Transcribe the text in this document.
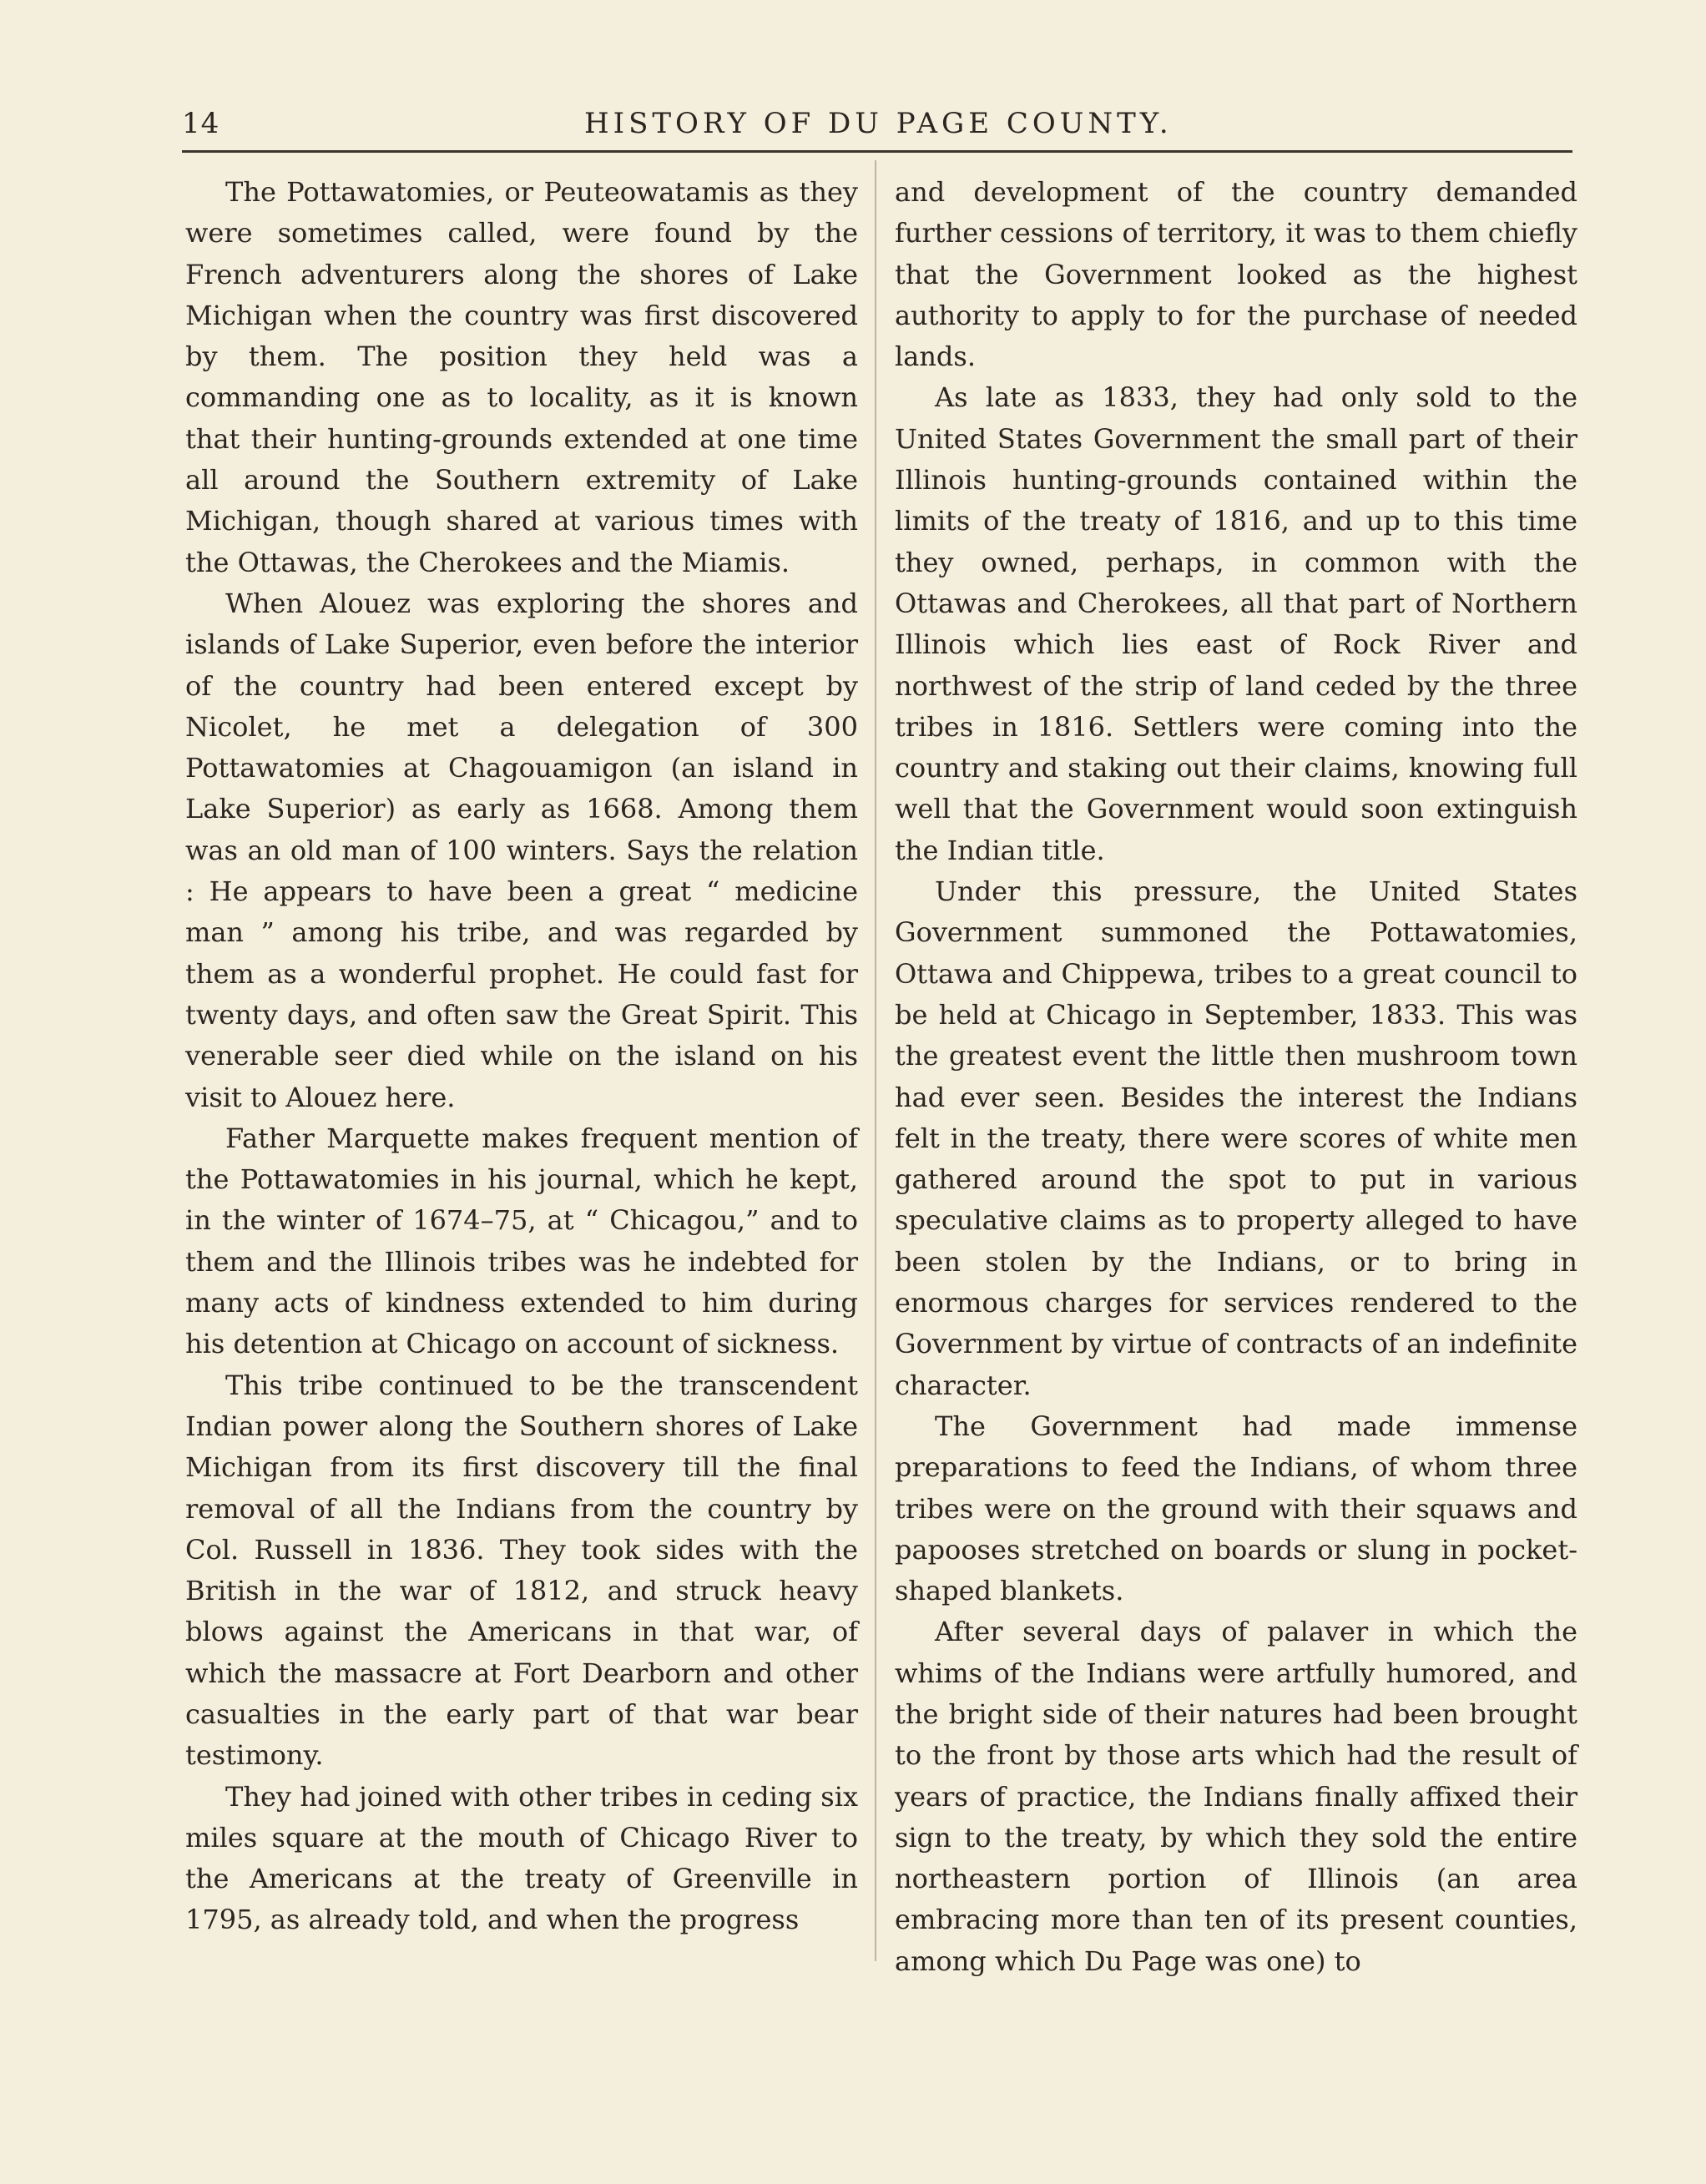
14	HISTORY OF DU PAGE COUNTY.

The Pottawatomies, or Peuteowatamis as they were sometimes called, were found by the French adventurers along the shores of Lake Michigan when the country was first discovered by them. The position they held was a commanding one as to locality, as it is known that their hunting-grounds extended at one time all around the Southern extremity of Lake Michigan, though shared at various times with the Ottawas, the Cherokees and the Miamis.

When Alouez was exploring the shores and islands of Lake Superior, even before the interior of the country had been entered except by Nicolet, he met a delegation of 300 Pottawatomies at Chagouamigon (an island in Lake Superior) as early as 1668. Among them was an old man of 100 winters. Says the relation : He appears to have been a great “ medicine man ” among his tribe, and was regarded by them as a wonderful prophet. He could fast for twenty days, and often saw the Great Spirit. This venerable seer died while on the island on his visit to Alouez here.

Father Marquette makes frequent mention of the Pottawatomies in his journal, which he kept, in the winter of 1674–75, at “ Chicagou,” and to them and the Illinois tribes was he indebted for many acts of kindness extended to him during his detention at Chicago on account of sickness.

This tribe continued to be the transcendent Indian power along the Southern shores of Lake Michigan from its first discovery till the final removal of all the Indians from the country by Col. Russell in 1836. They took sides with the British in the war of 1812, and struck heavy blows against the Americans in that war, of which the massacre at Fort Dearborn and other casualties in the early part of that war bear testimony.

They had joined with other tribes in ceding six miles square at the mouth of Chicago River to the Americans at the treaty of Greenville in 1795, as already told, and when the progress

and development of the country demanded further cessions of territory, it was to them chiefly that the Government looked as the highest authority to apply to for the purchase of needed lands.

As late as 1833, they had only sold to the United States Government the small part of their Illinois hunting-grounds contained within the limits of the treaty of 1816, and up to this time they owned, perhaps, in common with the Ottawas and Cherokees, all that part of Northern Illinois which lies east of Rock River and northwest of the strip of land ceded by the three tribes in 1816. Settlers were coming into the country and staking out their claims, knowing full well that the Government would soon extinguish the Indian title.

Under this pressure, the United States Government summoned the Pottawatomies, Ottawa and Chippewa, tribes to a great council to be held at Chicago in September, 1833. This was the greatest event the little then mushroom town had ever seen. Besides the interest the Indians felt in the treaty, there were scores of white men gathered around the spot to put in various speculative claims as to property alleged to have been stolen by the Indians, or to bring in enormous charges for services rendered to the Government by virtue of contracts of an indefinite character.

The Government had made immense preparations to feed the Indians, of whom three tribes were on the ground with their squaws and papooses stretched on boards or slung in pocket-shaped blankets.

After several days of palaver in which the whims of the Indians were artfully humored, and the bright side of their natures had been brought to the front by those arts which had the result of years of practice, the Indians finally affixed their sign to the treaty, by which they sold the entire northeastern portion of Illinois (an area embracing more than ten of its present counties, among which Du Page was one) to
